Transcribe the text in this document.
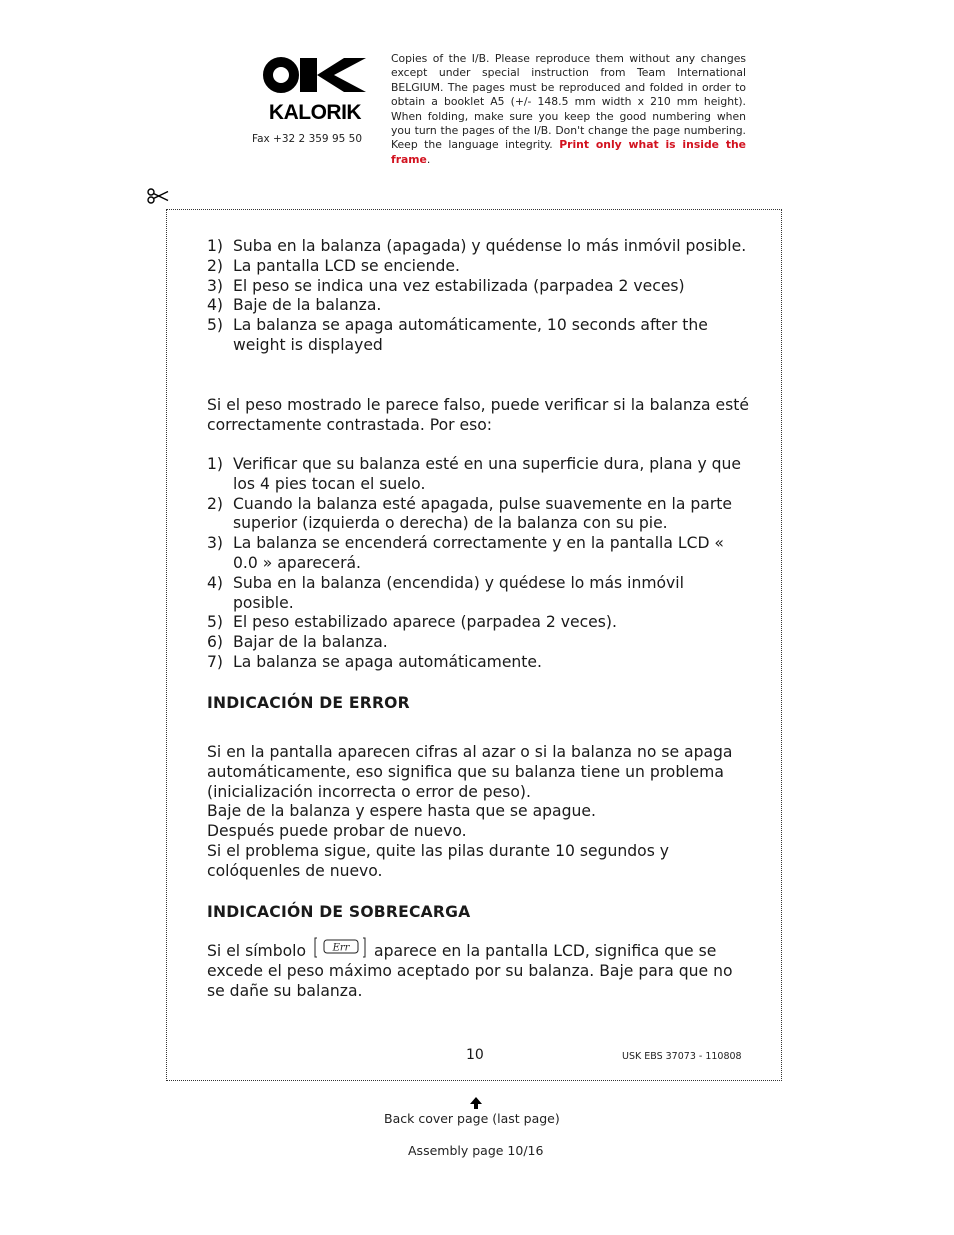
KALORIK
Fax +32 2 359 95 50
Copies of the I/B. Please reproduce them without any changes except under special instruction from Team International BELGIUM. The pages must be reproduced and folded in order to obtain a booklet A5 (+/- 148.5 mm width x 210 mm height). When folding, make sure you keep the good numbering when you turn the pages of the I/B. Don't change the page numbering. Keep the language integrity. Print only what is inside the frame.
1) Suba en la balanza (apagada) y quédense lo más inmóvil posible.
2) La pantalla LCD se enciende.
3) El peso se indica una vez estabilizada (parpadea 2 veces)
4) Baje de la balanza.
5) La balanza se apaga automáticamente, 10 seconds after the weight is displayed

Si el peso mostrado le parece falso, puede verificar si la balanza esté correctamente contrastada. Por eso:

1) Verificar que su balanza esté en una superficie dura, plana y que los 4 pies tocan el suelo.
2) Cuando la balanza esté apagada, pulse suavemente en la parte superior (izquierda o derecha) de la balanza con su pie.
3) La balanza se encenderá correctamente y en la pantalla LCD « 0.0 » aparecerá.
4) Suba en la balanza (encendida) y quédese lo más inmóvil posible.
5) El peso estabilizado aparece (parpadea 2 veces).
6) Bajar de la balanza.
7) La balanza se apaga automáticamente.
INDICACIÓN DE ERROR

Si en la pantalla aparecen cifras al azar o si la balanza no se apaga automáticamente, eso significa que su balanza tiene un problema (inicialización incorrecta o error de peso).

Baje de la balanza y espere hasta que se apague.

Después puede probar de nuevo.

Si el problema sigue, quite las pilas durante 10 segundos y colóquenles de nuevo.

INDICACIÓN DE SOBRECARGA

Si el símbolo	Err aparece en la pantalla LCD, significa que se excede el peso máximo aceptado por su balanza. Baje para que no se dañe su balanza.

10	USK EBS 37073 - 110808
Back cover page (last page)
Assembly page 10/16
